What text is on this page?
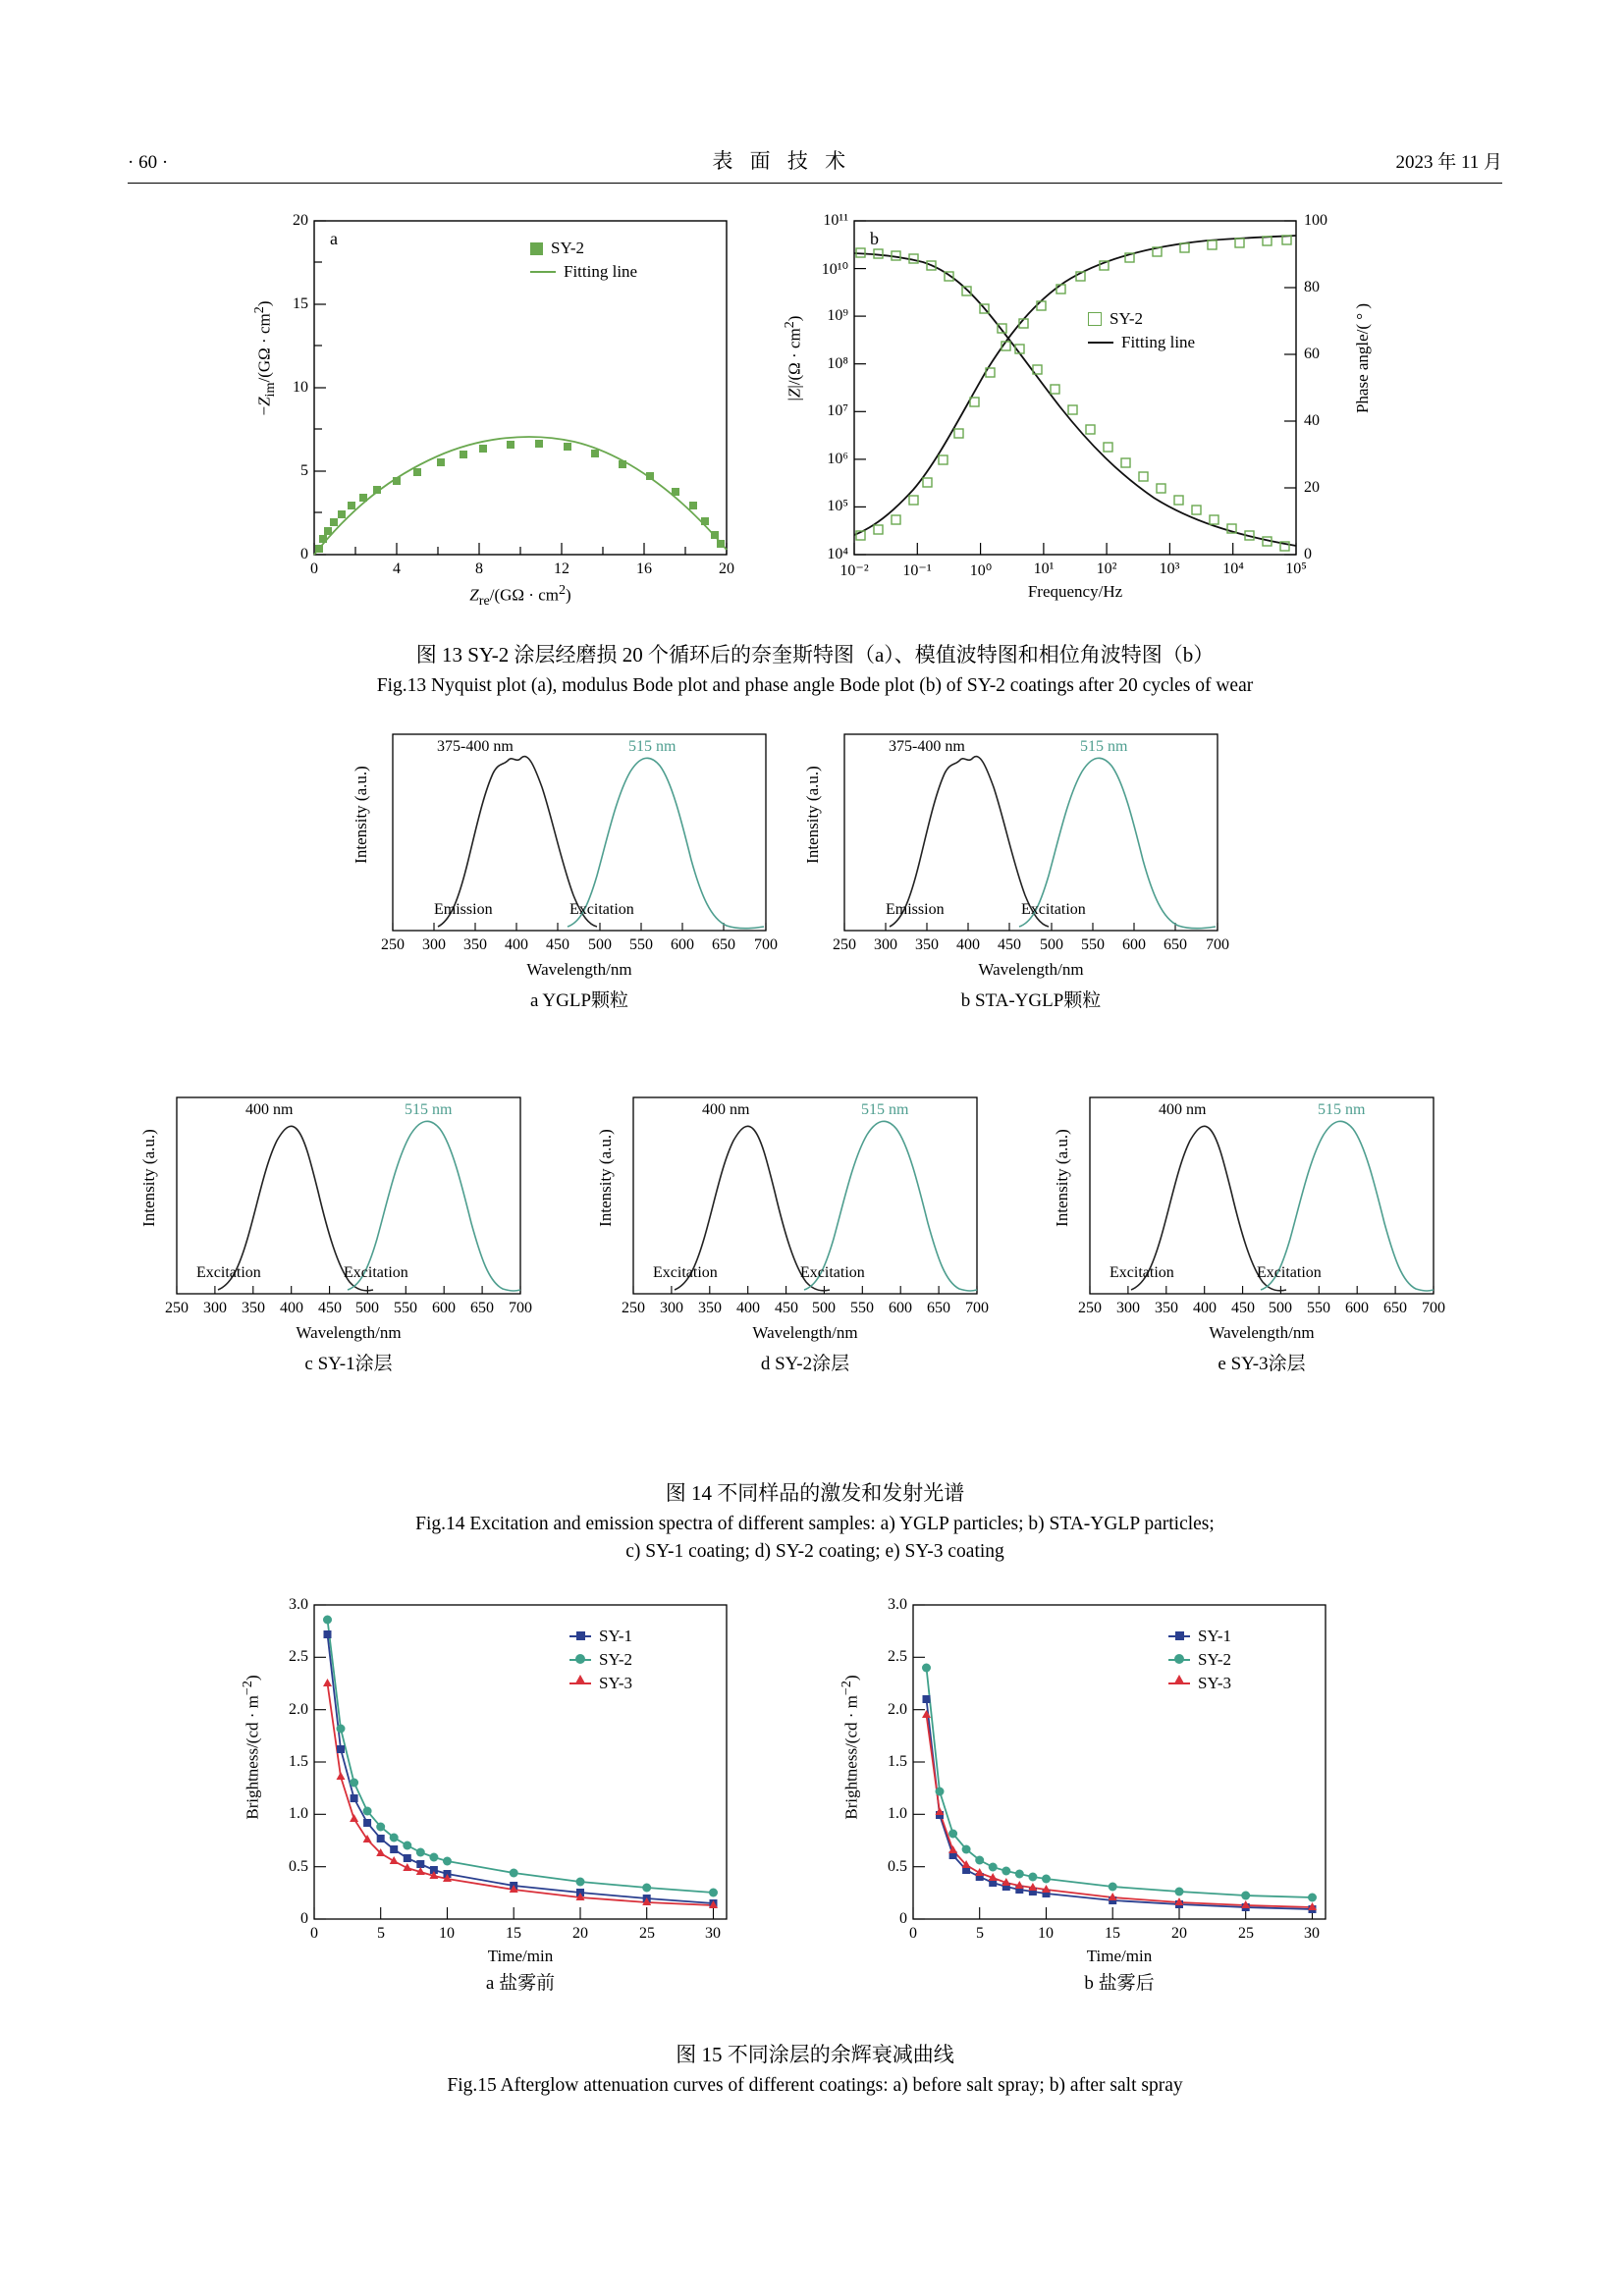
· 60 ·	表 面 技 术	2023 年 11 月
a
0
5
10
15
20
0	4	8	12	16	20
$Z_{re}/(G\Omega \cdot cm^2)$
$-Z_{im}/(G\Omega \cdot cm^2)$
SY-2
Fitting line
b
10⁴
10⁵
10⁶
10⁷
10⁸
10⁹
10¹⁰
10¹¹
0
20
40
60
80
100
10⁻²	10⁻¹	10⁰	10¹	10²	10³	10⁴	10⁵
Frequency/Hz
$|Z|/(\Omega \cdot cm^2)$	Phase angle/( ° )
SY-2
Fitting line
图 13 SY-2 涂层经磨损 20 个循环后的奈奎斯特图（a）、模值波特图和相位角波特图（b）
Fig.13 Nyquist plot (a), modulus Bode plot and phase angle Bode plot (b) of SY-2 coatings after 20 cycles of wear
375-400 nm	515 nm
Emission	Excitation
250	300	350	400	450	500	550	600	650	700
Wavelength/nm
Intensity (a.u.)
a YGLP颗粒
375-400 nm	515 nm
Emission	Excitation
250	300	350	400	450	500	550	600	650	700
Wavelength/nm
Intensity (a.u.)
b STA-YGLP颗粒
400 nm	515 nm
Excitation	Excitation
250 300 350 400 450 500 550 600 650 700
Wavelength/nm
Intensity (a.u.)
c SY-1涂层
400 nm	515 nm
Excitation	Excitation
250 300 350 400 450 500 550 600 650 700
Wavelength/nm
Intensity (a.u.)
d SY-2涂层
400 nm	515 nm
Excitation	Excitation
250 300 350 400 450 500 550 600 650 700
Wavelength/nm
Intensity (a.u.)
e SY-3涂层
图 14 不同样品的激发和发射光谱
Fig.14 Excitation and emission spectra of different samples: a) YGLP particles; b) STA-YGLP particles;
c) SY-1 coating; d) SY-2 coating; e) SY-3 coating
0
0.5
1.0
1.5
2.0
2.5
3.0
0	5	10	15	20	25	30
Time/min
Brightness/(cd · $m^{-2}$)
SY-1
SY-2
SY-3
a 盐雾前
0
0.5
1.0
1.5
2.0
2.5
3.0
0	5	10	15	20	25	30
Time/min
Brightness/(cd · $m^{-2}$)
SY-1
SY-2
SY-3
b 盐雾后
图 15 不同涂层的余辉衰减曲线
Fig.15 Afterglow attenuation curves of different coatings: a) before salt spray; b) after salt spray
